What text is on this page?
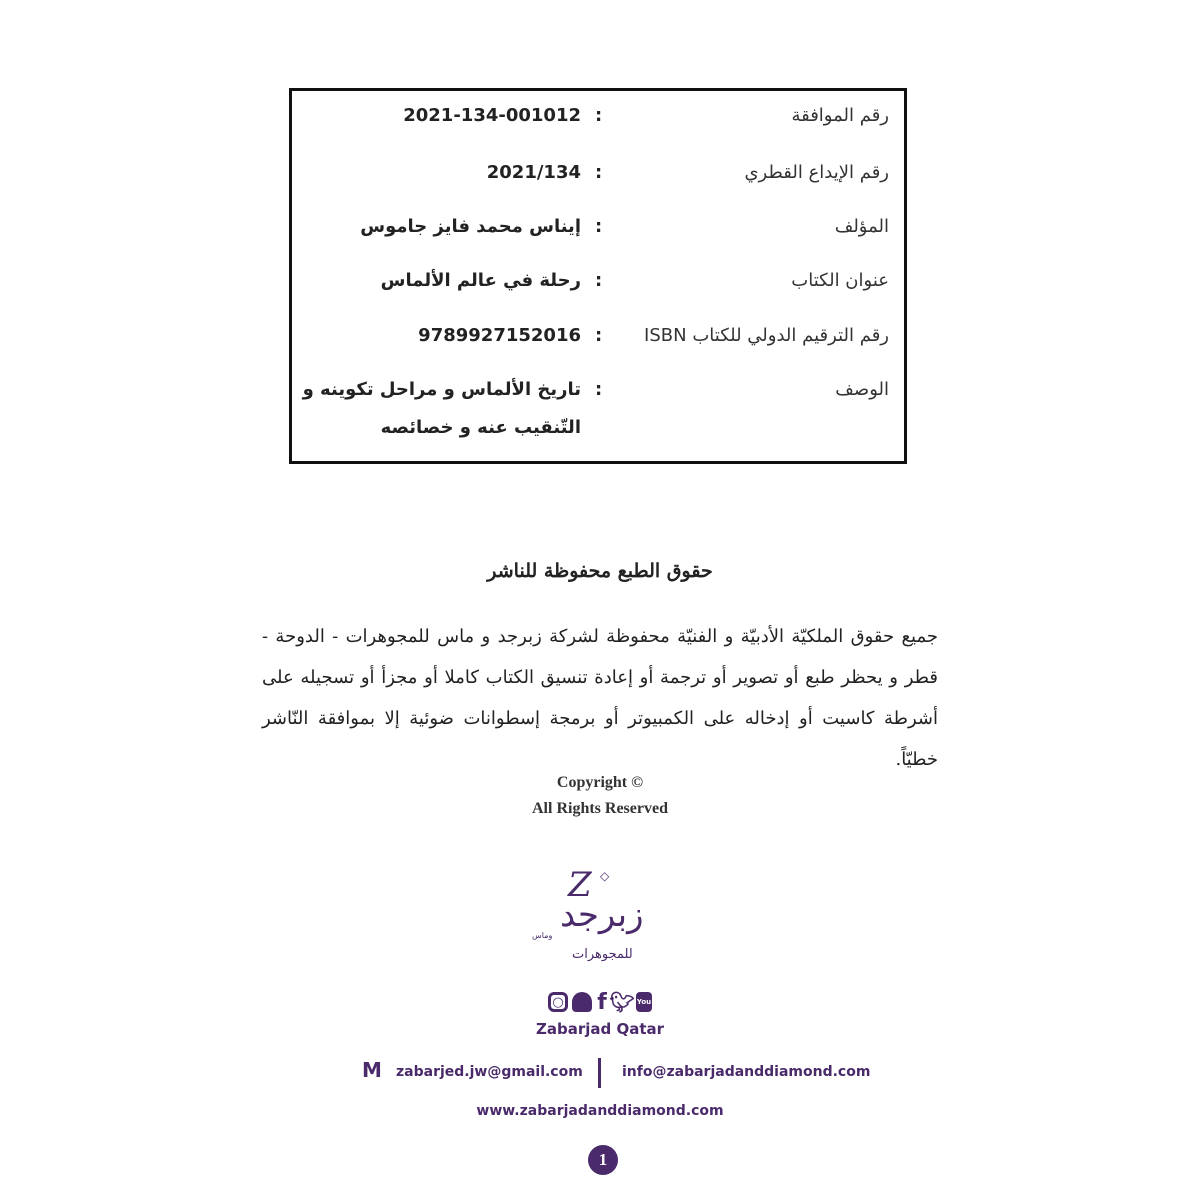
رقم الموافقة
:
2021-134-001012
رقم الإيداع القطري
:
2021/134
المؤلف
:
إيناس محمد فايز جاموس
عنوان الكتاب
:
رحلة في عالم الألماس
رقم الترقيم الدولي للكتاب ISBN
:
9789927152016
الوصف
:
تاريخ الألماس و مراحل تكوينه و التّنقيب عنه و خصائصه
حقوق الطبع محفوظة للناشر
جميع حقوق الملكيّة الأدبيّة و الفنيّة محفوظة لشركة زبرجد و ماس للمجوهرات - الدوحة - قطر و يحظر طبع أو تصوير أو ترجمة أو إعادة تنسيق الكتاب كاملا أو مجزأ أو تسجيله على أشرطة كاسيت أو إدخاله على الكمبيوتر أو برمجة إسطوانات ضوئية إلا بموافقة النّاشر خطيّاً.
Copyright ©
All Rights Reserved
Z ◇
زبرجد
وماس
للمجوهرات
○ f 🐦︎ You
Zabarjad Qatar
M zabarjed.jw@gmail.com	info@zabarjadanddiamond.com
www.zabarjadanddiamond.com
1
